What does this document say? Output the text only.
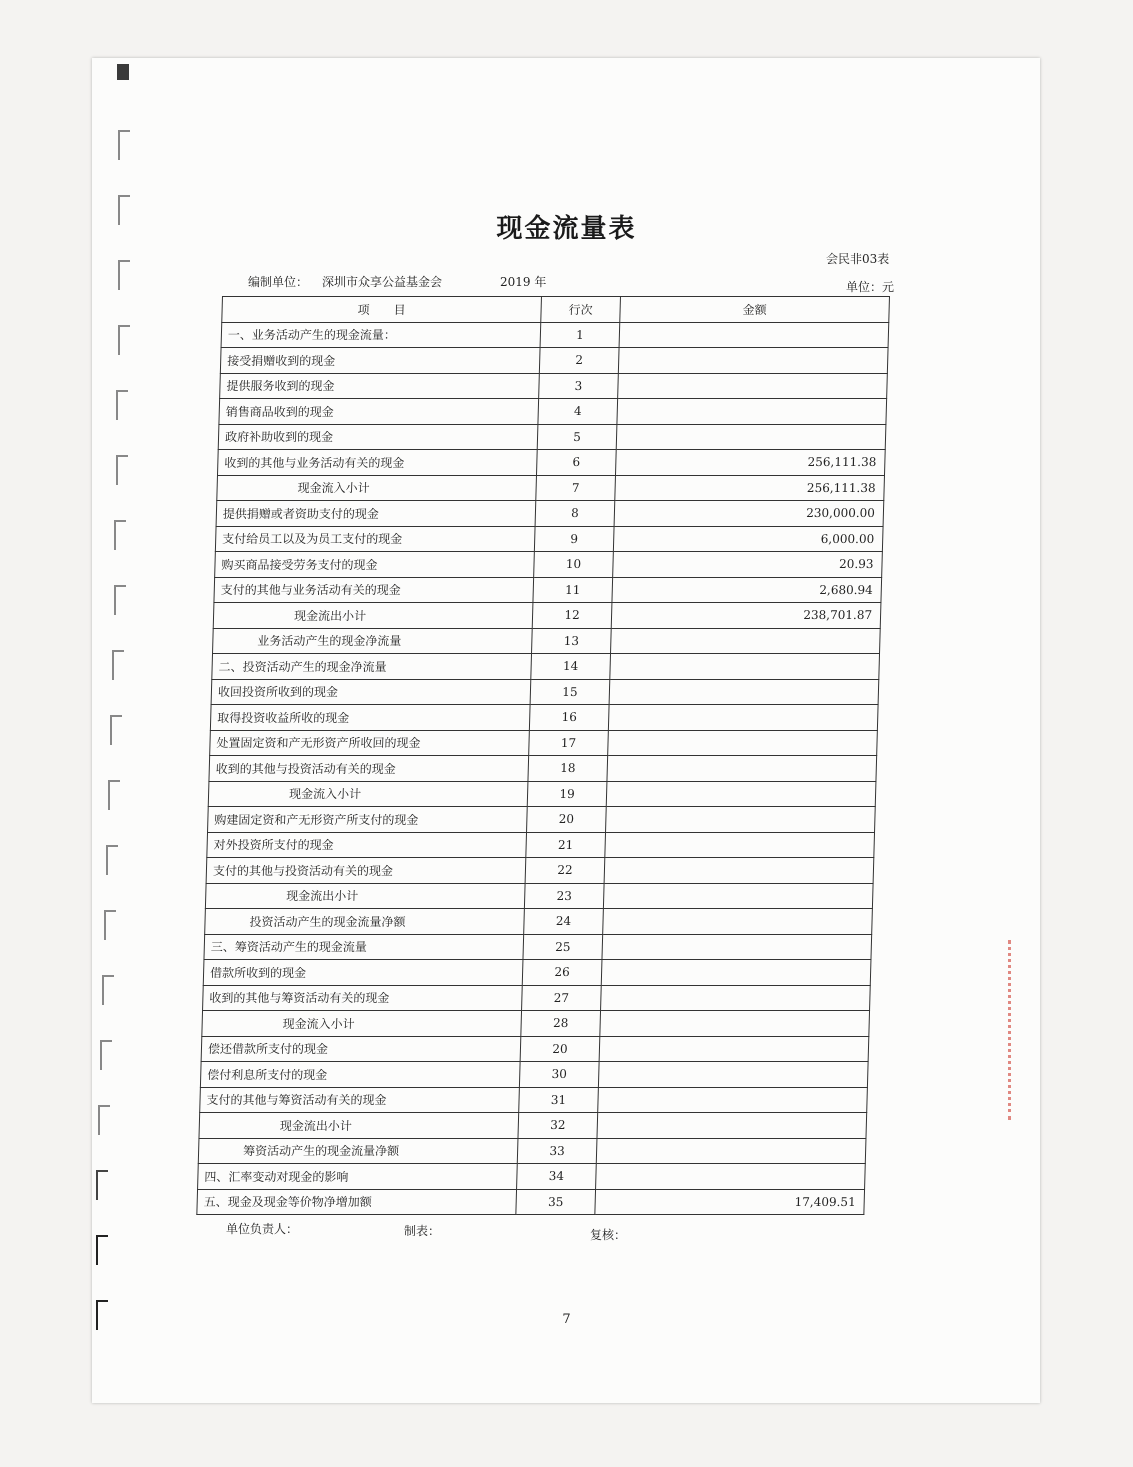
现金流量表
会民非03表
编制单位： 深圳市众享公益基金会	2019 年	单位：元
项　　目	行次	金额
一、业务活动产生的现金流量：	1	
接受捐赠收到的现金	2	
提供服务收到的现金	3	
销售商品收到的现金	4	
政府补助收到的现金	5	
收到的其他与业务活动有关的现金	6	256,111.38
现金流入小计	7	256,111.38
提供捐赠或者资助支付的现金	8	230,000.00
支付给员工以及为员工支付的现金	9	6,000.00
购买商品接受劳务支付的现金	10	20.93
支付的其他与业务活动有关的现金	11	2,680.94
现金流出小计	12	238,701.87
业务活动产生的现金净流量	13	
二、投资活动产生的现金净流量	14	
收回投资所收到的现金	15	
取得投资收益所收的现金	16	
处置固定资和产无形资产所收回的现金	17	
收到的其他与投资活动有关的现金	18	
现金流入小计	19	
购建固定资和产无形资产所支付的现金	20	
对外投资所支付的现金	21	
支付的其他与投资活动有关的现金	22	
现金流出小计	23	
投资活动产生的现金流量净额	24	
三、筹资活动产生的现金流量	25	
借款所收到的现金	26	
收到的其他与筹资活动有关的现金	27	
现金流入小计	28	
偿还借款所支付的现金	20	
偿付利息所支付的现金	30	
支付的其他与筹资活动有关的现金	31	
现金流出小计	32	
筹资活动产生的现金流量净额	33	
四、汇率变动对现金的影响	34	
五、现金及现金等价物净增加额	35	17,409.51
单位负责人：	制表：	复核：
7
